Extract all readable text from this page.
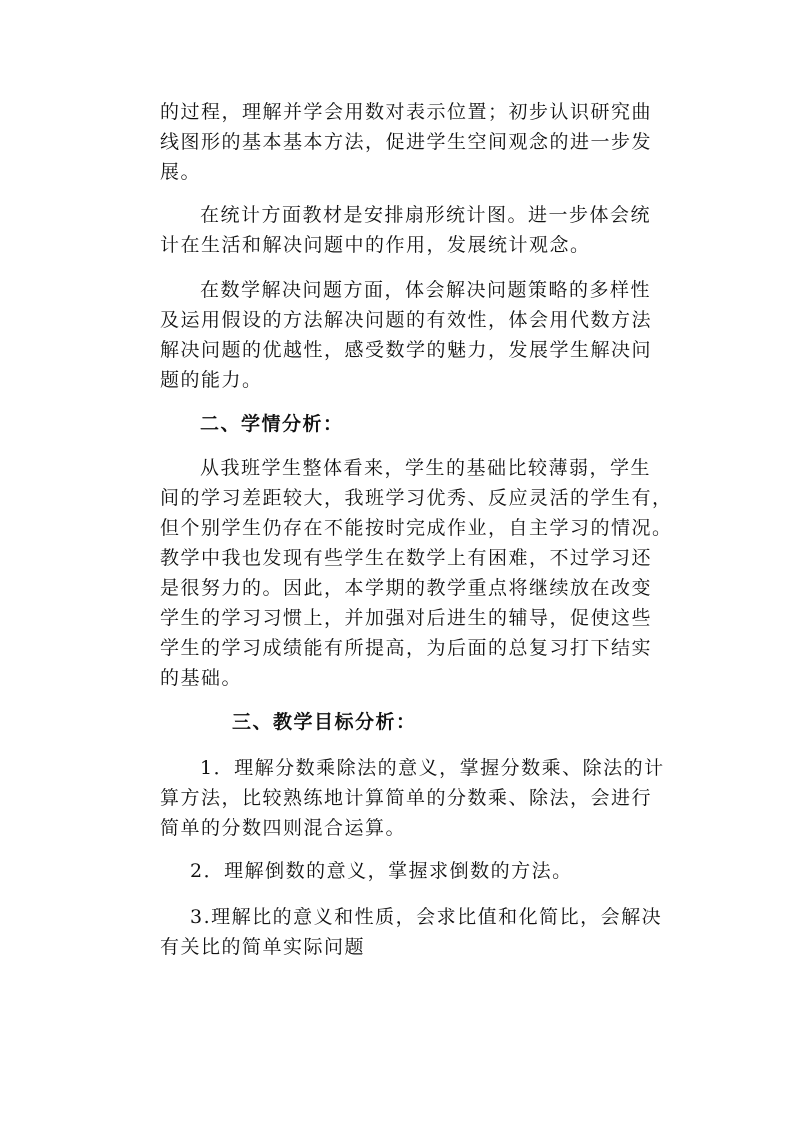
的过程，理解并学会用数对表示位置；初步认识研究曲
线图形的基本基本方法，促进学生空间观念的进一步发
展。
在统计方面教材是安排扇形统计图。进一步体会统
计在生活和解决问题中的作用，发展统计观念。
在数学解决问题方面，体会解决问题策略的多样性
及运用假设的方法解决问题的有效性，体会用代数方法
解决问题的优越性，感受数学的魅力，发展学生解决问
题的能力。
二、学情分析：
从我班学生整体看来，学生的基础比较薄弱，学生
间的学习差距较大，我班学习优秀、反应灵活的学生有，
但个别学生仍存在不能按时完成作业，自主学习的情况。
教学中我也发现有些学生在数学上有困难，不过学习还
是很努力的。因此，本学期的教学重点将继续放在改变
学生的学习习惯上，并加强对后进生的辅导，促使这些
学生的学习成绩能有所提高，为后面的总复习打下结实
的基础。
三、教学目标分析：
1．理解分数乘除法的意义，掌握分数乘、除法的计
算方法，比较熟练地计算简单的分数乘、除法，会进行
简单的分数四则混合运算。
2．理解倒数的意义，掌握求倒数的方法。
3.理解比的意义和性质，会求比值和化简比，会解决
有关比的简单实际问题
